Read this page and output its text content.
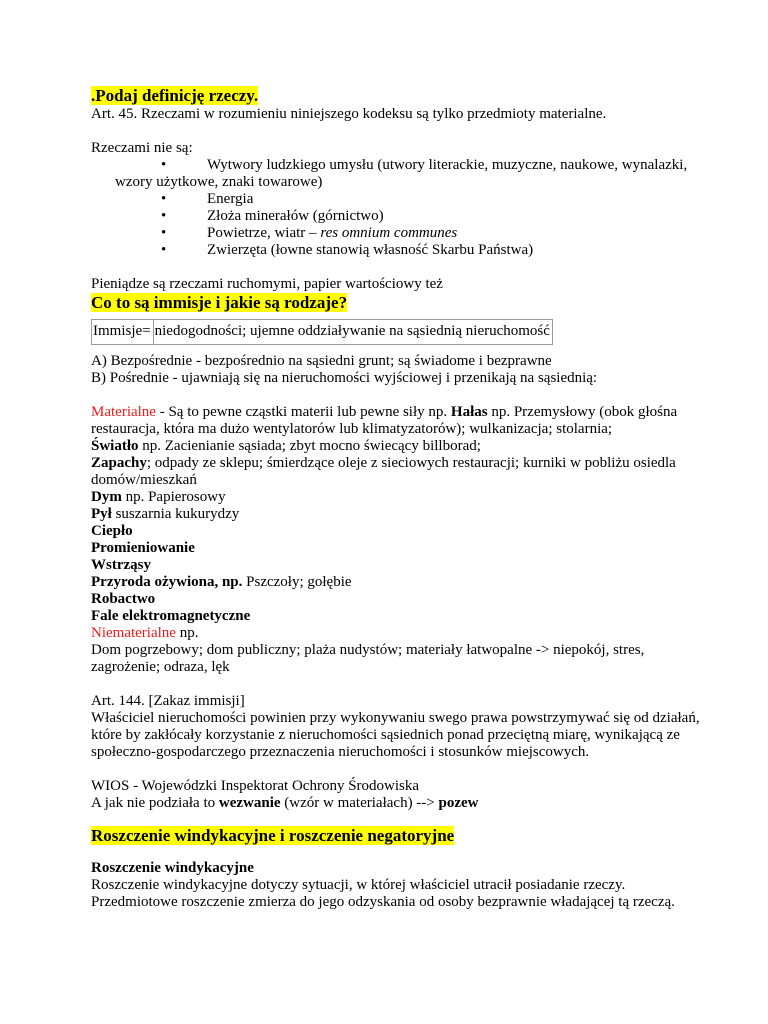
.Podaj definicję rzeczy.

Art. 45. Rzeczami w rozumieniu niniejszego kodeksu są tylko przedmioty materialne.

Rzeczami nie są:

•	Wytwory ludzkiego umysłu (utwory literackie, muzyczne, naukowe, wynalazki,
wzory użytkowe, znaki towarowe)
•	Energia
•	Złoża minerałów (górnictwo)
•	Powietrze, wiatr – res omnium communes
•	Zwierzęta (łowne stanowią własność Skarbu Państwa)

Pieniądze są rzeczami ruchomymi, papier wartościowy też

Co to są immisje i jakie są rodzaje?

Immisje=	niedogodności; ujemne oddziaływanie na sąsiednią nieruchomość

A) Bezpośrednie - bezpośrednio na sąsiedni grunt; są świadome i bezprawne

B) Pośrednie - ujawniają się na nieruchomości wyjściowej i przenikają na sąsiednią:

Materialne - Są to pewne cząstki materii lub pewne siły np. Hałas np. Przemysłowy (obok głośna restauracja, która ma dużo wentylatorów lub klimatyzatorów); wulkanizacja; stolarnia;

Światło np. Zacienianie sąsiada; zbyt mocno świecący billborad;

Zapachy; odpady ze sklepu; śmierdzące oleje z sieciowych restauracji; kurniki w pobliżu osiedla domów/mieszkań

Dym np. Papierosowy

Pył suszarnia kukurydzy

Ciepło

Promieniowanie

Wstrząsy

Przyroda ożywiona, np. Pszczoły; gołębie

Robactwo

Fale elektromagnetyczne

Niematerialne np.

Dom pogrzebowy; dom publiczny; plaża nudystów; materiały łatwopalne -> niepokój, stres, zagrożenie; odraza, lęk

Art. 144. [Zakaz immisji]

Właściciel nieruchomości powinien przy wykonywaniu swego prawa powstrzymywać się od działań, które by zakłócały korzystanie z nieruchomości sąsiednich ponad przeciętną miarę, wynikającą ze społeczno-gospodarczego przeznaczenia nieruchomości i stosunków miejscowych.

WIOS - Wojewódzki Inspektorat Ochrony Środowiska

A jak nie podziała to wezwanie (wzór w materiałach) --> pozew

Roszczenie windykacyjne i roszczenie negatoryjne

Roszczenie windykacyjne

Roszczenie windykacyjne dotyczy sytuacji, w której właściciel utracił posiadanie rzeczy. Przedmiotowe roszczenie zmierza do jego odzyskania od osoby bezprawnie władającej tą rzeczą.
